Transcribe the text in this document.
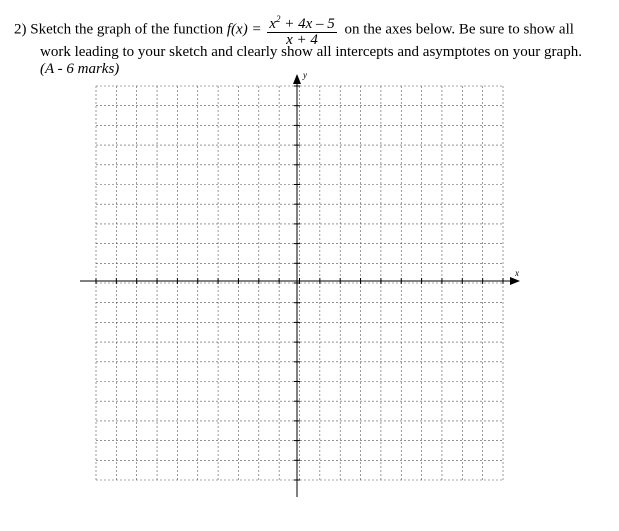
2) Sketch the graph of the function $f(x) = \frac{x^2 + 4x - 5}{x + 4}$ on the axes below. Be sure to show all
work leading to your sketch and clearly show all intercepts and asymptotes on your graph.
(A - 6 marks)
x
y
